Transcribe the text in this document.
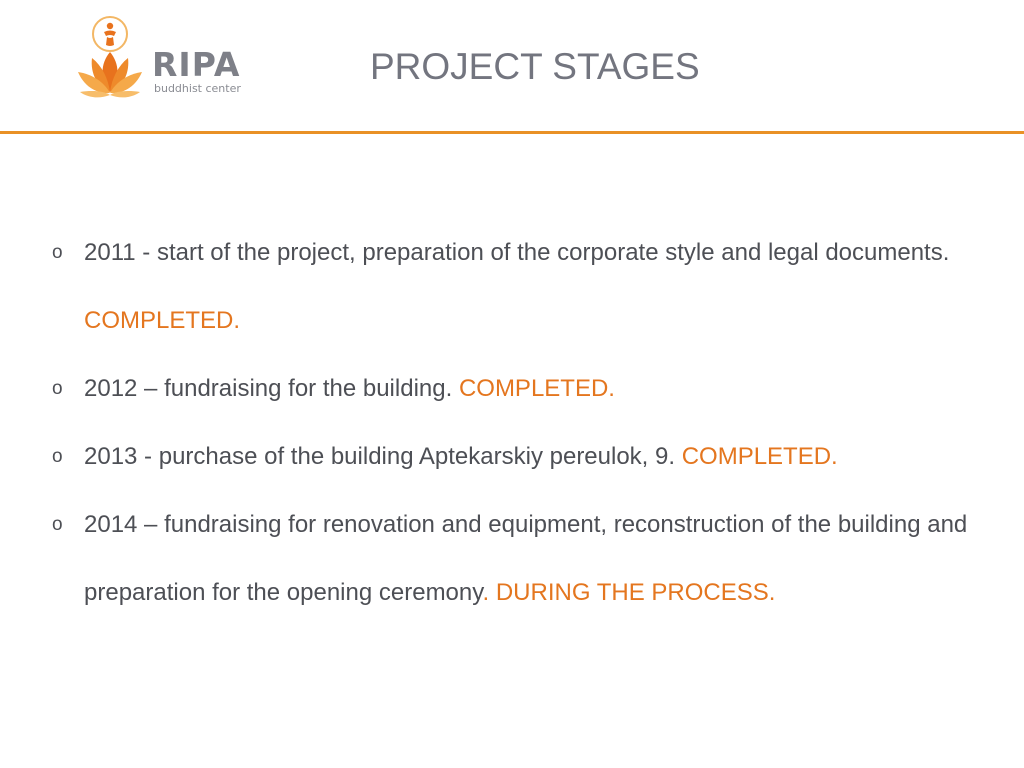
RIPA
buddhist center
PROJECT STAGES
o 2011 - start of the project, preparation of the corporate style and legal documents. COMPLETED.
o 2012 – fundraising for the building. COMPLETED.
o 2013 - purchase of the building Aptekarskiy pereulok, 9. COMPLETED.
o 2014 – fundraising for renovation and equipment, reconstruction of the building and preparation for the opening ceremony. DURING THE PROCESS.
